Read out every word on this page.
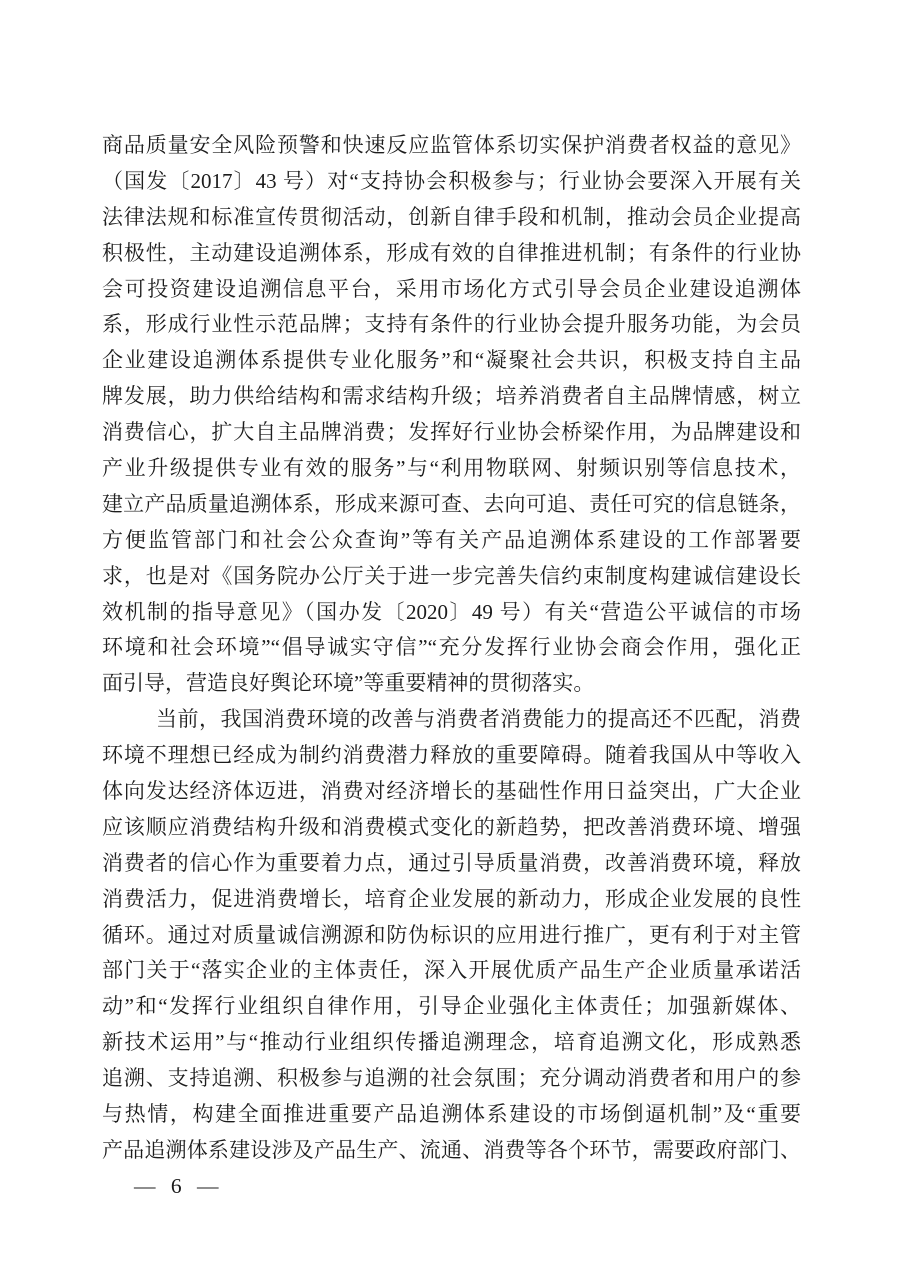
商品质量安全风险预警和快速反应监管体系切实保护消费者权益的意见》
（国发〔2017〕43 号）对“支持协会积极参与；行业协会要深入开展有关
法律法规和标准宣传贯彻活动，创新自律手段和机制，推动会员企业提高
积极性，主动建设追溯体系，形成有效的自律推进机制；有条件的行业协
会可投资建设追溯信息平台，采用市场化方式引导会员企业建设追溯体
系，形成行业性示范品牌；支持有条件的行业协会提升服务功能，为会员
企业建设追溯体系提供专业化服务”和“凝聚社会共识，积极支持自主品
牌发展，助力供给结构和需求结构升级；培养消费者自主品牌情感，树立
消费信心，扩大自主品牌消费；发挥好行业协会桥梁作用，为品牌建设和
产业升级提供专业有效的服务”与“利用物联网、射频识别等信息技术，
建立产品质量追溯体系，形成来源可查、去向可追、责任可究的信息链条，
方便监管部门和社会公众查询”等有关产品追溯体系建设的工作部署要
求，也是对《国务院办公厅关于进一步完善失信约束制度构建诚信建设长
效机制的指导意见》（国办发〔2020〕49 号）有关“营造公平诚信的市场
环境和社会环境”“倡导诚实守信”“充分发挥行业协会商会作用，强化正
面引导，营造良好舆论环境”等重要精神的贯彻落实。
当前，我国消费环境的改善与消费者消费能力的提高还不匹配，消费
环境不理想已经成为制约消费潜力释放的重要障碍。随着我国从中等收入
体向发达经济体迈进，消费对经济增长的基础性作用日益突出，广大企业
应该顺应消费结构升级和消费模式变化的新趋势，把改善消费环境、增强
消费者的信心作为重要着力点，通过引导质量消费，改善消费环境，释放
消费活力，促进消费增长，培育企业发展的新动力，形成企业发展的良性
循环。通过对质量诚信溯源和防伪标识的应用进行推广，更有利于对主管
部门关于“落实企业的主体责任，深入开展优质产品生产企业质量承诺活
动”和“发挥行业组织自律作用，引导企业强化主体责任；加强新媒体、
新技术运用”与“推动行业组织传播追溯理念，培育追溯文化，形成熟悉
追溯、支持追溯、积极参与追溯的社会氛围；充分调动消费者和用户的参
与热情，构建全面推进重要产品追溯体系建设的市场倒逼机制”及“重要
产品追溯体系建设涉及产品生产、流通、消费等各个环节，需要政府部门、
— 6 —
